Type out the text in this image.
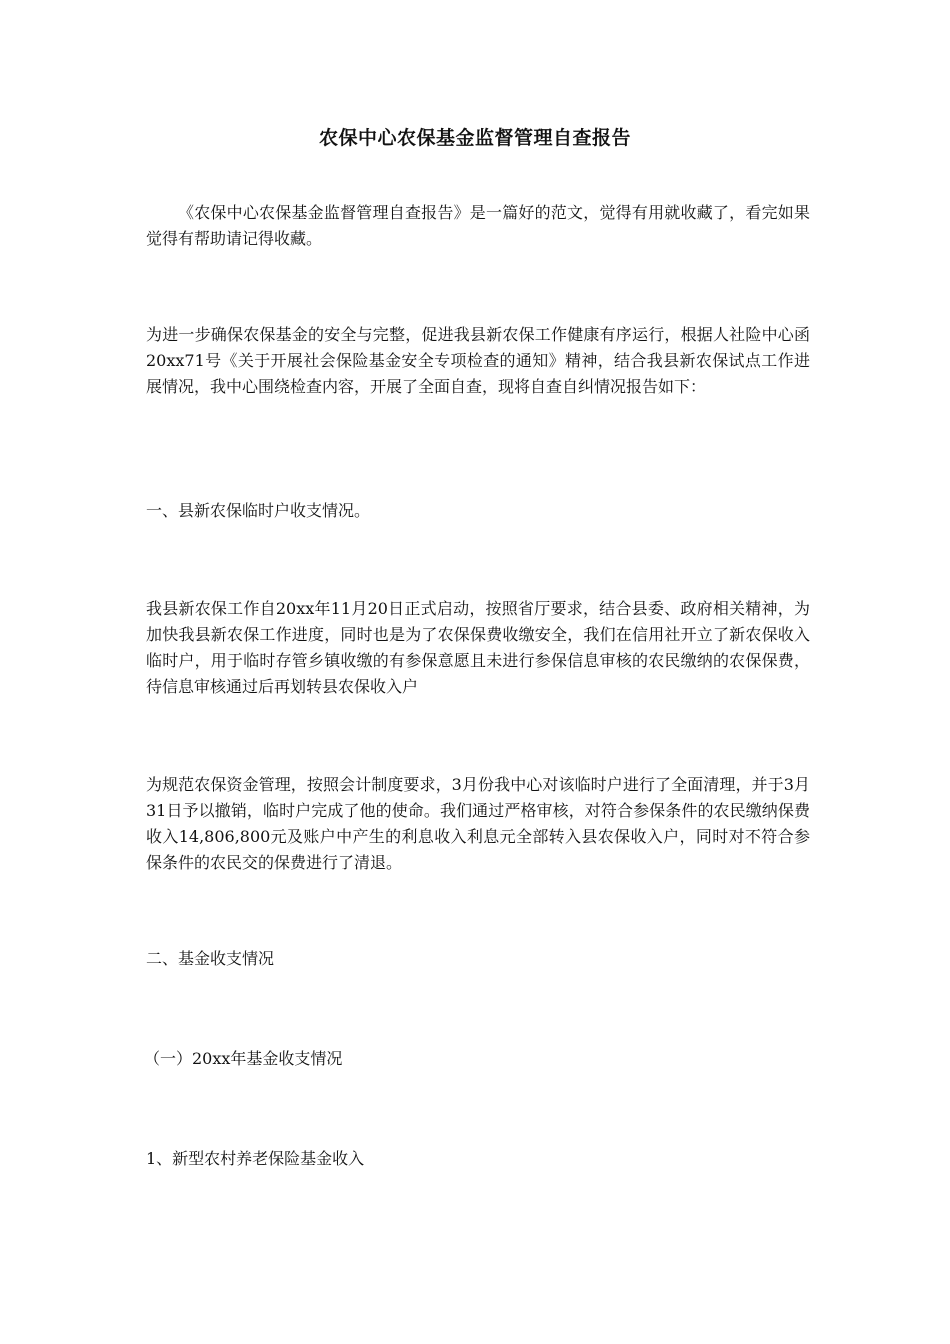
农保中心农保基金监督管理自查报告

《农保中心农保基金监督管理自查报告》是一篇好的范文，觉得有用就收藏了，看完如果觉得有帮助请记得收藏。

为进一步确保农保基金的安全与完整，促进我县新农保工作健康有序运行，根据人社险中心函20xx71号《关于开展社会保险基金安全专项检查的通知》精神，结合我县新农保试点工作进展情况，我中心围绕检查内容，开展了全面自查，现将自查自纠情况报告如下：

一、县新农保临时户收支情况。

我县新农保工作自20xx年11月20日正式启动，按照省厅要求，结合县委、政府相关精神，为加快我县新农保工作进度，同时也是为了农保保费收缴安全，我们在信用社开立了新农保收入临时户，用于临时存管乡镇收缴的有参保意愿且未进行参保信息审核的农民缴纳的农保保费，待信息审核通过后再划转县农保收入户

为规范农保资金管理，按照会计制度要求，3月份我中心对该临时户进行了全面清理，并于3月31日予以撤销，临时户完成了他的使命。我们通过严格审核，对符合参保条件的农民缴纳保费收入14,806,800元及账户中产生的利息收入利息元全部转入县农保收入户，同时对不符合参保条件的农民交的保费进行了清退。

二、基金收支情况

（一）20xx年基金收支情况

1、新型农村养老保险基金收入
